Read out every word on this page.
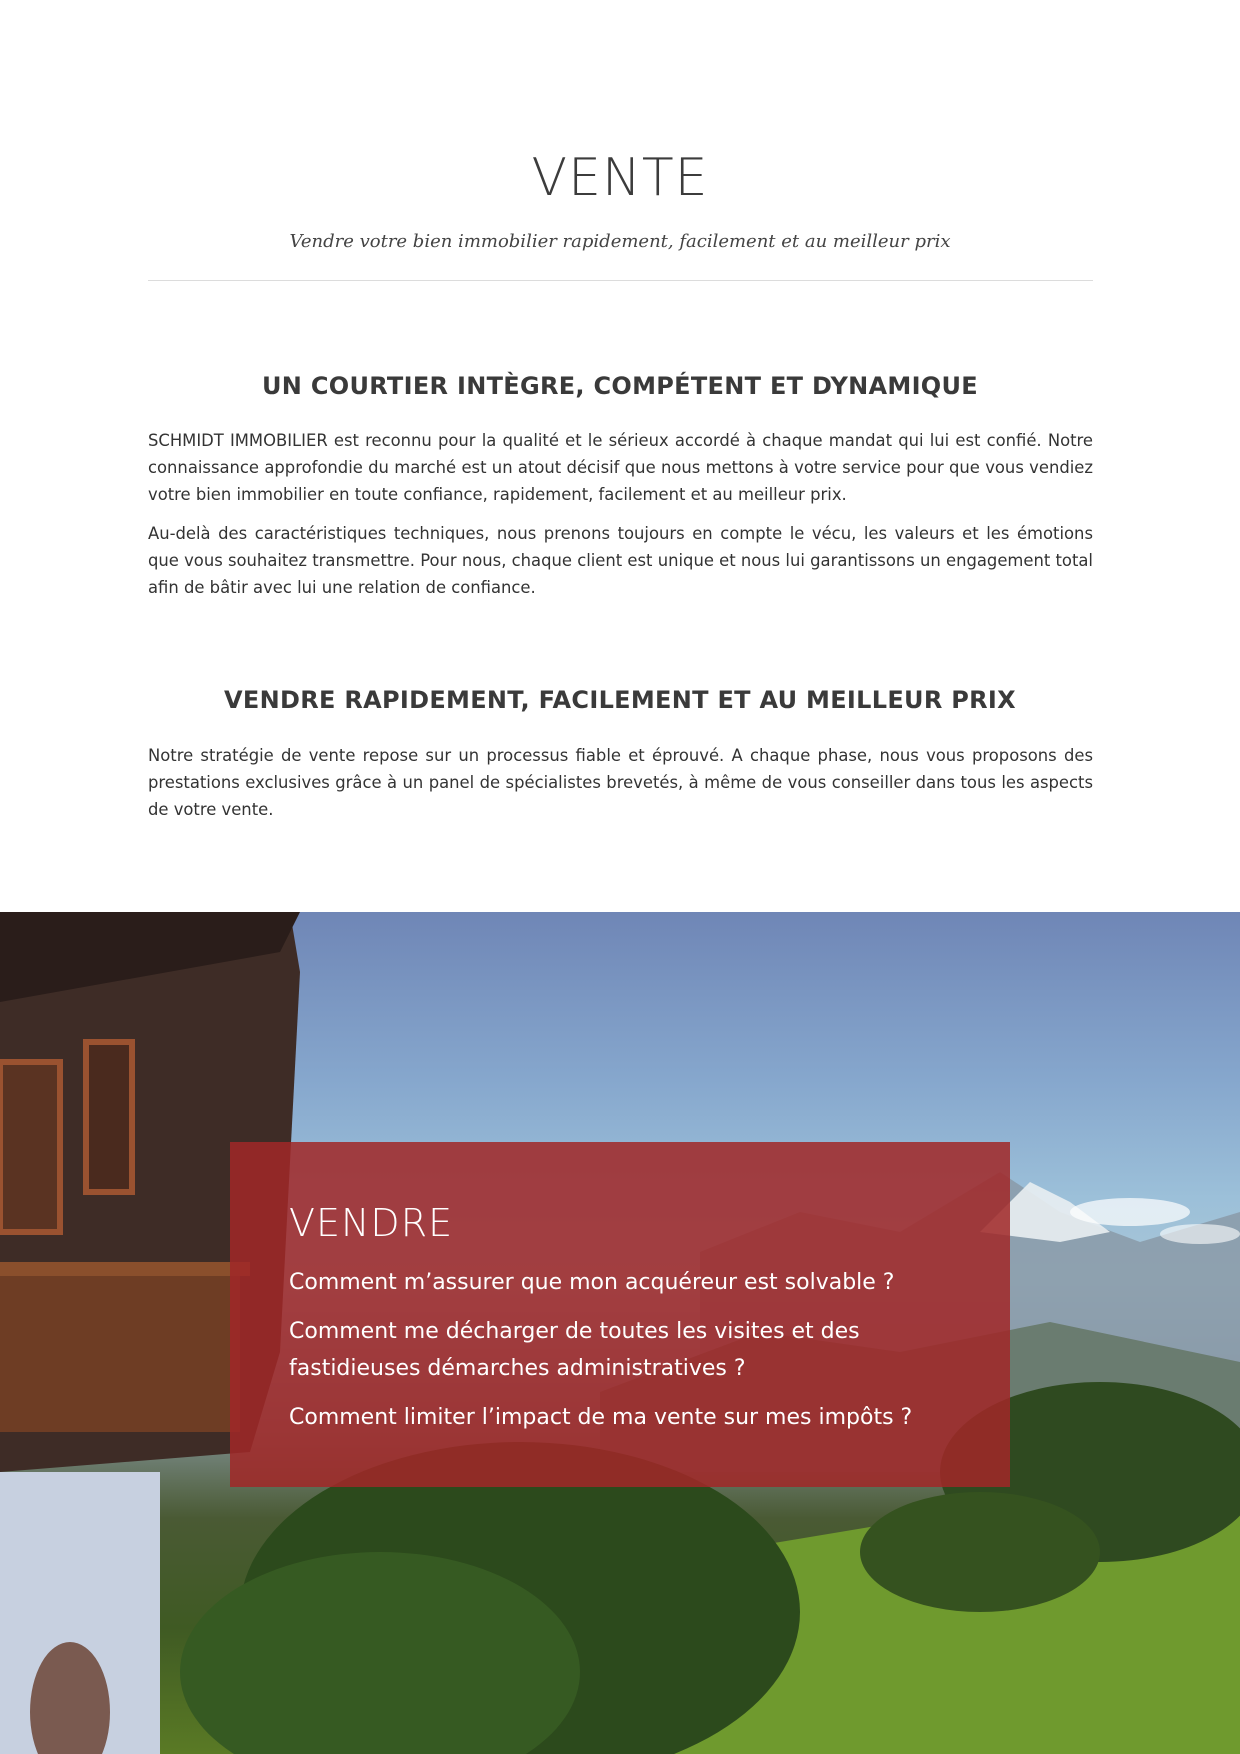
VENTE
Vendre votre bien immobilier rapidement, facilement et au meilleur prix
UN COURTIER INTÈGRE, COMPÉTENT ET DYNAMIQUE

SCHMIDT IMMOBILIER est reconnu pour la qualité et le sérieux accordé à chaque mandat qui lui est confié. Notre connaissance approfondie du marché est un atout décisif que nous mettons à votre service pour que vous vendiez votre bien immobilier en toute confiance, rapidement, facilement et au meilleur prix.

Au-delà des caractéristiques techniques, nous prenons toujours en compte le vécu, les valeurs et les émotions que vous souhaitez transmettre. Pour nous, chaque client est unique et nous lui garantissons un engagement total afin de bâtir avec lui une relation de confiance.

VENDRE RAPIDEMENT, FACILEMENT ET AU MEILLEUR PRIX

Notre stratégie de vente repose sur un processus fiable et éprouvé. A chaque phase, nous vous proposons des prestations exclusives grâce à un panel de spécialistes brevetés, à même de vous conseiller dans tous les aspects de votre vente.

VENDRE
Comment m’assurer que mon acquéreur est solvable ?
Comment me décharger de toutes les visites et des fastidieuses démarches administratives ?
Comment limiter l’impact de ma vente sur mes impôts ?
